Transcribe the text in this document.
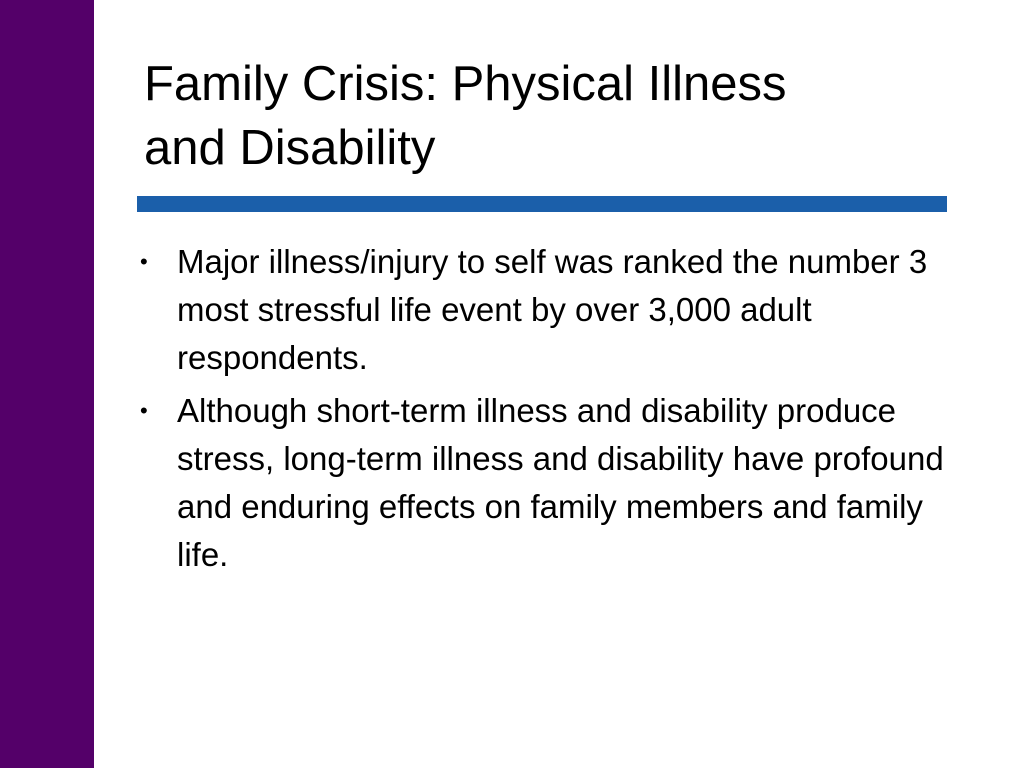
Family Crisis: Physical Illness
and Disability
• Major illness/injury to self was ranked the number 3 most stressful life event by over 3,000 adult respondents.
• Although short-term illness and disability produce stress, long-term illness and disability have profound and enduring effects on family members and family life.
